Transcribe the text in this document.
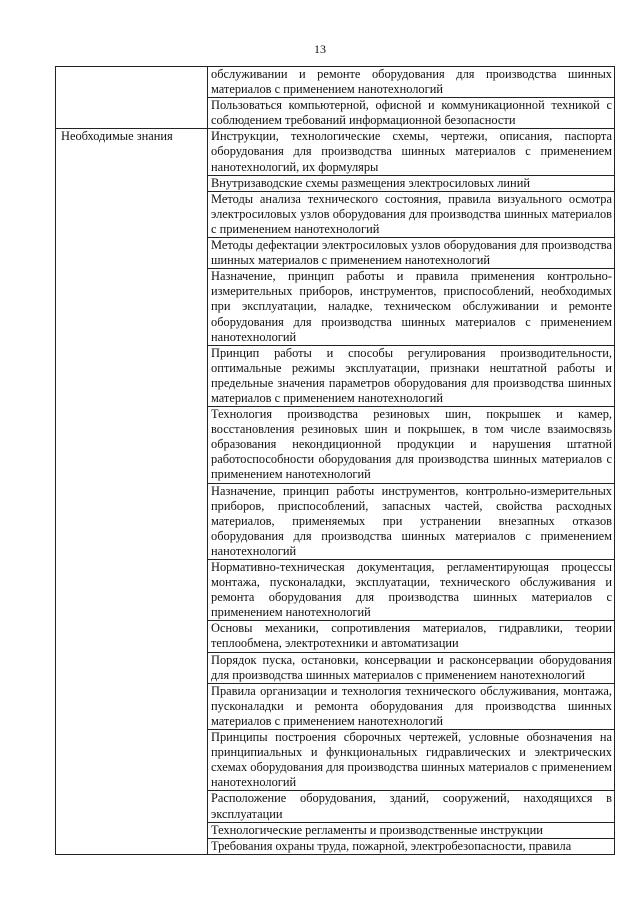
13
	обслуживании и ремонте оборудования для производства шинных материалов с применением нанотехнологий
	Пользоваться компьютерной, офисной и коммуникационной техникой с соблюдением требований информационной безопасности
Необходимые знания	Инструкции, технологические схемы, чертежи, описания, паспорта оборудования для производства шинных материалов с применением нанотехнологий, их формуляры
	Внутризаводские схемы размещения электросиловых линий
	Методы анализа технического состояния, правила визуального осмотра электросиловых узлов оборудования для производства шинных материалов с применением нанотехнологий
	Методы дефектации электросиловых узлов оборудования для производства шинных материалов с применением нанотехнологий
	Назначение, принцип работы и правила применения контрольно-измерительных приборов, инструментов, приспособлений, необходимых при эксплуатации, наладке, техническом обслуживании и ремонте оборудования для производства шинных материалов с применением нанотехнологий
	Принцип работы и способы регулирования производительности, оптимальные режимы эксплуатации, признаки нештатной работы и предельные значения параметров оборудования для производства шинных материалов с применением нанотехнологий
	Технология производства резиновых шин, покрышек и камер, восстановления резиновых шин и покрышек, в том числе взаимосвязь образования некондиционной продукции и нарушения штатной работоспособности оборудования для производства шинных материалов с применением нанотехнологий
	Назначение, принцип работы инструментов, контрольно-измерительных приборов, приспособлений, запасных частей, свойства расходных материалов, применяемых при устранении внезапных отказов оборудования для производства шинных материалов с применением нанотехнологий
	Нормативно-техническая документация, регламентирующая процессы монтажа, пусконаладки, эксплуатации, технического обслуживания и ремонта оборудования для производства шинных материалов с применением нанотехнологий
	Основы механики, сопротивления материалов, гидравлики, теории теплообмена, электротехники и автоматизации
	Порядок пуска, остановки, консервации и расконсервации оборудования для производства шинных материалов с применением нанотехнологий
	Правила организации и технология технического обслуживания, монтажа, пусконаладки и ремонта оборудования для производства шинных материалов с применением нанотехнологий
	Принципы построения сборочных чертежей, условные обозначения на принципиальных и функциональных гидравлических и электрических схемах оборудования для производства шинных материалов с применением нанотехнологий
	Расположение оборудования, зданий, сооружений, находящихся в эксплуатации
	Технологические регламенты и производственные инструкции
	Требования охраны труда, пожарной, электробезопасности, правила
